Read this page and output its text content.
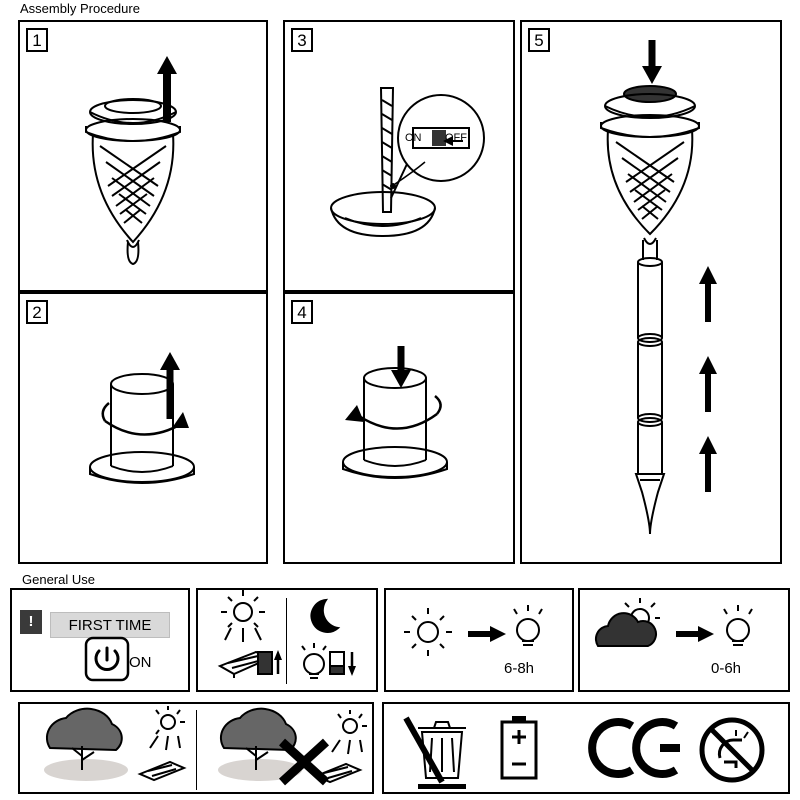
Assembly Procedure
1
2
3
ON OFF
4
5
General Use
!	FIRST TIME
ON	6-8h	0-6h
